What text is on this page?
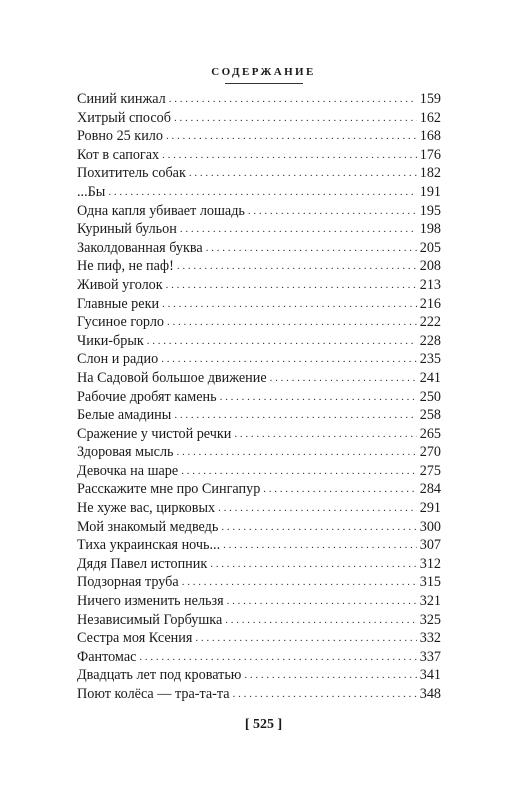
СОДЕРЖАНИЕ
Синий кинжал . . .	159
Хитрый способ . . .	162
Ровно 25 кило . . .	168
Кот в сапогах . . .	176
Похититель собак . . .	182
...Бы . . .	191
Одна капля убивает лошадь . . .	195
Куриный бульон . . .	198
Заколдованная буква . . .	205
Не пиф, не паф! . . .	208
Живой уголок . . .	213
Главные реки . . .	216
Гусиное горло . . .	222
Чики-брык . . .	228
Слон и радио . . .	235
На Садовой большое движение . . .	241
Рабочие дробят камень . . .	250
Белые амадины . . .	258
Сражение у чистой речки . . .	265
Здоровая мысль . . .	270
Девочка на шаре . . .	275
Расскажите мне про Сингапур . . .	284
Не хуже вас, цирковых . . .	291
Мой знакомый медведь . . .	300
Тиха украинская ночь... . . .	307
Дядя Павел истопник . . .	312
Подзорная труба . . .	315
Ничего изменить нельзя . . .	321
Независимый Горбушка . . .	325
Сестра моя Ксения . . .	332
Фантомас . . .	337
Двадцать лет под кроватью . . .	341
Поют колёса — тра-та-та . . .	348
[ 525 ]
